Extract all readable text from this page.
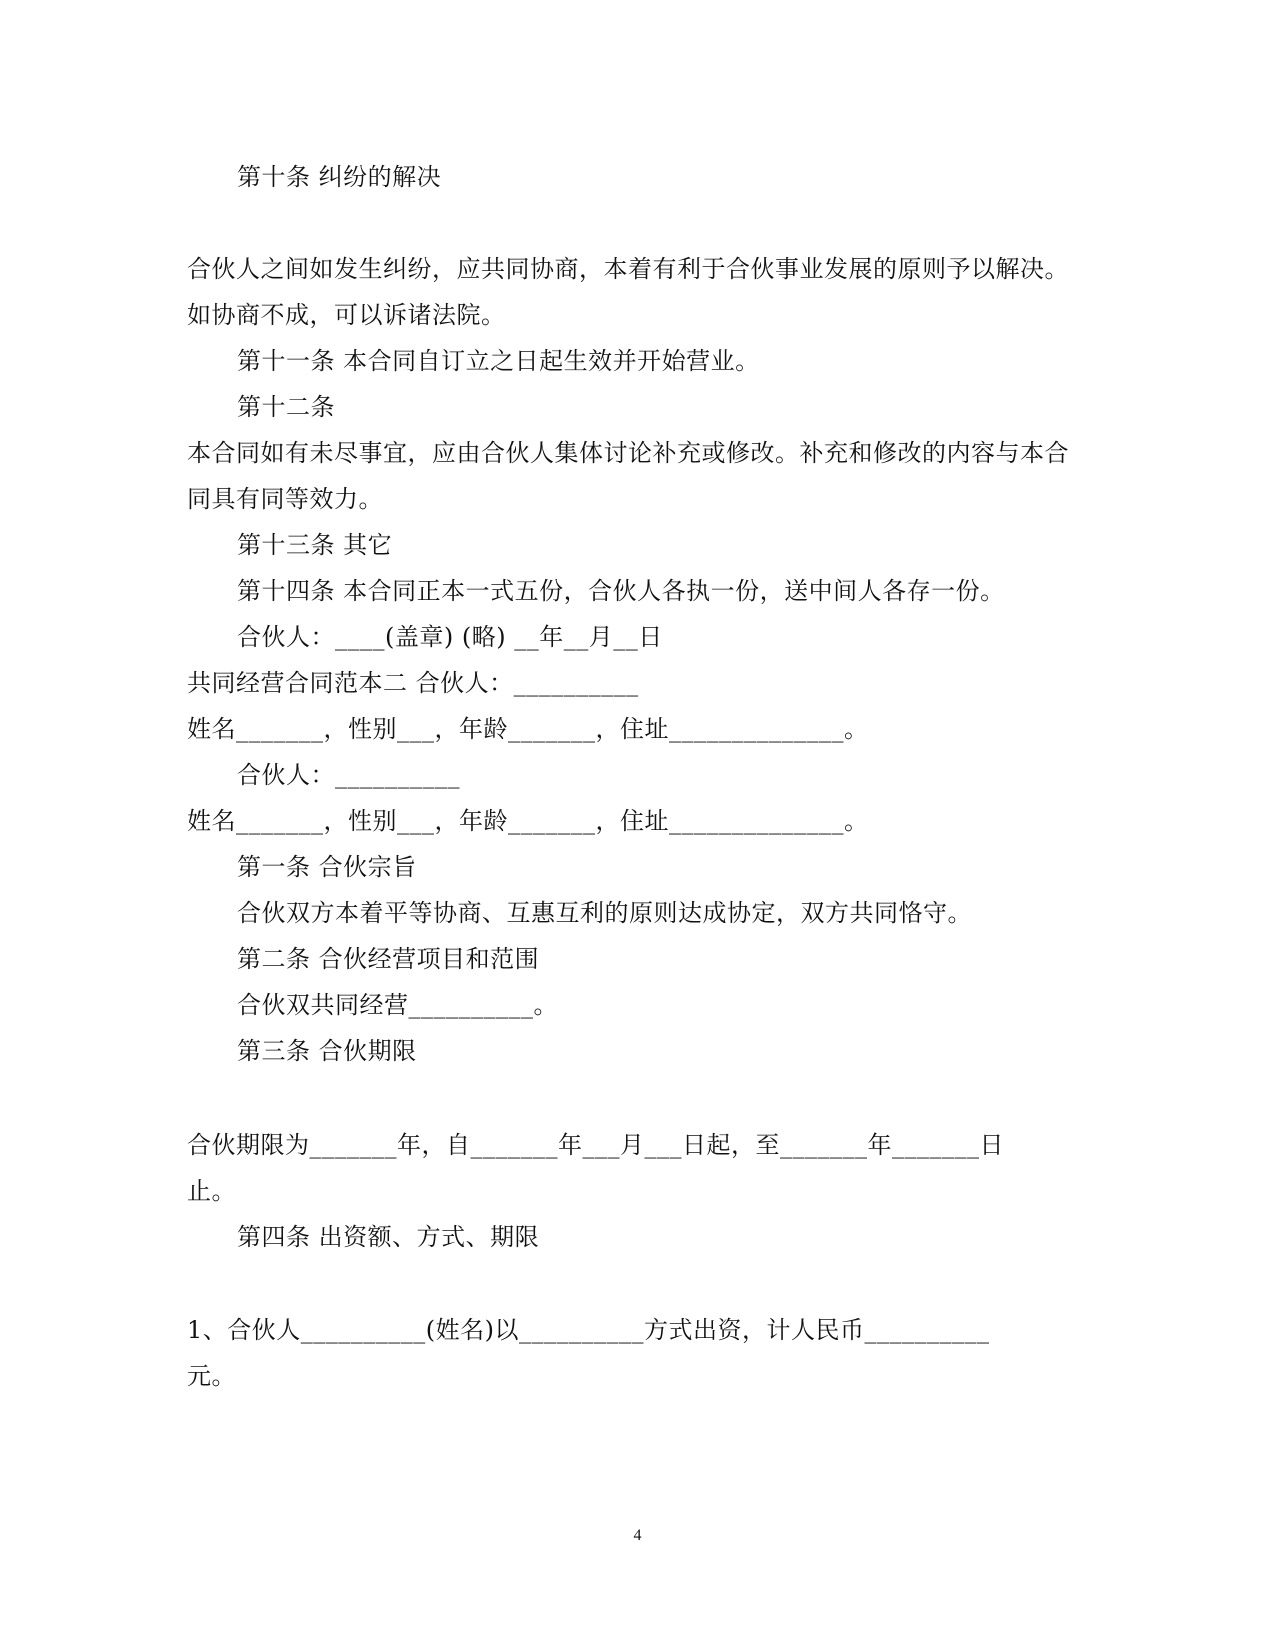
第十条 纠纷的解决
合伙人之间如发生纠纷，应共同协商，本着有利于合伙事业发展的原则予以解决。
如协商不成，可以诉诸法院。
第十一条 本合同自订立之日起生效并开始营业。
第十二条
本合同如有未尽事宜，应由合伙人集体讨论补充或修改。补充和修改的内容与本合
同具有同等效力。
第十三条 其它
第十四条 本合同正本一式五份，合伙人各执一份，送中间人各存一份。
合伙人：____(盖章) (略) __年__月__日
共同经营合同范本二 合伙人：__________
姓名_______，性别___，年龄_______，住址______________。
合伙人：__________
姓名_______，性别___，年龄_______，住址______________。
第一条 合伙宗旨
合伙双方本着平等协商、互惠互利的原则达成协定，双方共同恪守。
第二条 合伙经营项目和范围
合伙双共同经营__________。
第三条 合伙期限
合伙期限为_______年，自_______年___月___日起，至_______年_______日
止。
第四条 出资额、方式、期限
1、合伙人__________(姓名)以__________方式出资，计人民币__________
元。
4
